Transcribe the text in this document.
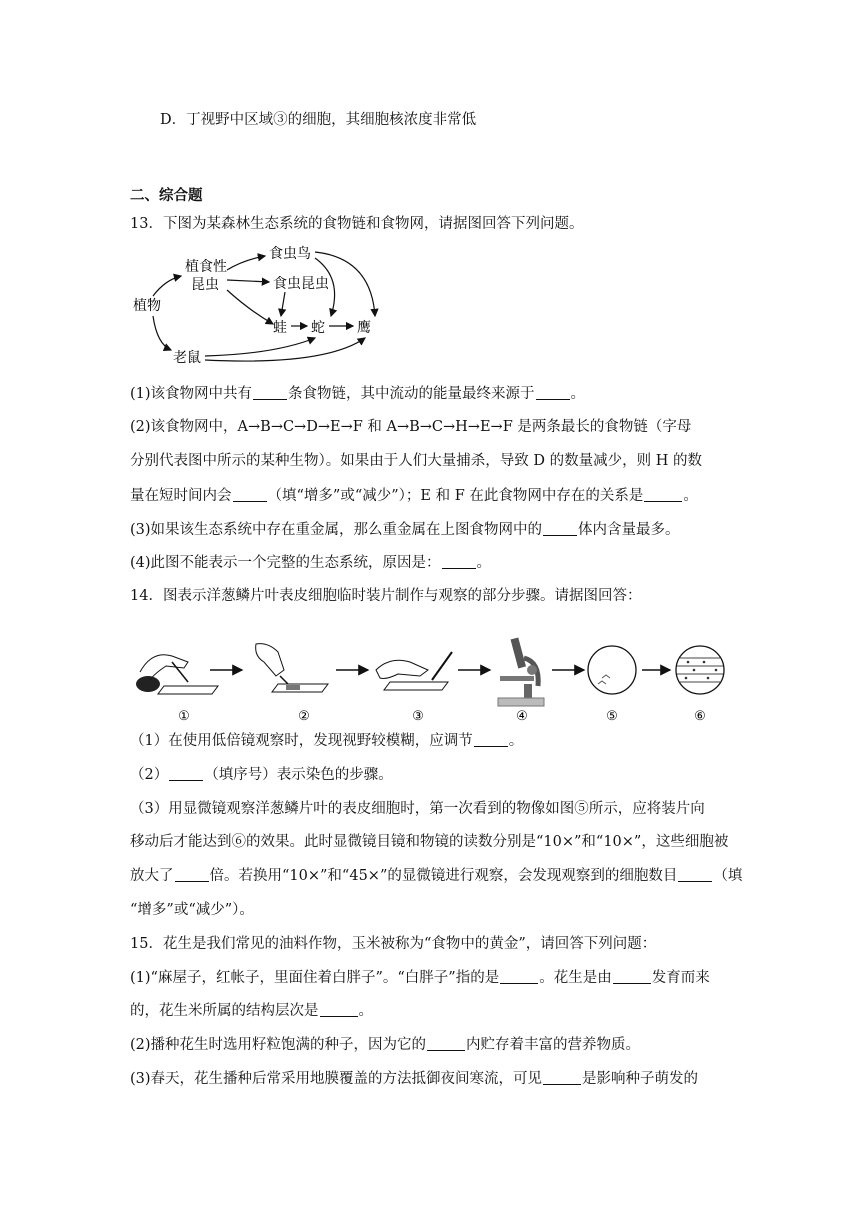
D．丁视野中区域③的细胞，其细胞核浓度非常低
二、综合题
13．下图为某森林生态系统的食物链和食物网，请据图回答下列问题。
植物
植食性
昆虫
食虫鸟
食虫昆虫
蛙 蛇 鹰
老鼠
(1)该食物网中共有 条食物链，其中流动的能量最终来源于 。
(2)该食物网中，A→B→C→D→E→F 和 A→B→C→H→E→F 是两条最长的食物链（字母
分别代表图中所示的某种生物）。如果由于人们大量捕杀，导致 D 的数量减少，则 H 的数
量在短时间内会 （填“增多”或“减少”）；E 和 F 在此食物网中存在的关系是	。
(3)如果该生态系统中存在重金属，那么重金属在上图食物网中的 体内含量最多。
(4)此图不能表示一个完整的生态系统，原因是： 。
14．图表示洋葱鳞片叶表皮细胞临时装片制作与观察的部分步骤。请据图回答：
①	②	③	④	⑤	⑥
（1）在使用低倍镜观察时，发现视野较模糊，应调节 。
（2） （填序号）表示染色的步骤。
（3）用显微镜观察洋葱鳞片叶的表皮细胞时，第一次看到的物像如图⑤所示，应将装片向
移动后才能达到⑥的效果。此时显微镜目镜和物镜的读数分别是“10×”和“10×”，这些细胞被
放大了 倍。若换用“10×”和“45×”的显微镜进行观察，会发现观察到的细胞数目 （填
“增多”或“减少”）。
15．花生是我们常见的油料作物，玉米被称为“食物中的黄金”，请回答下列问题：
(1)“麻屋子，红帐子，里面住着白胖子”。“白胖子”指的是	。花生是由	发育而来
的，花生米所属的结构层次是	。
(2)播种花生时选用籽粒饱满的种子，因为它的	内贮存着丰富的营养物质。
(3)春天，花生播种后常采用地膜覆盖的方法抵御夜间寒流，可见	是影响种子萌发的
